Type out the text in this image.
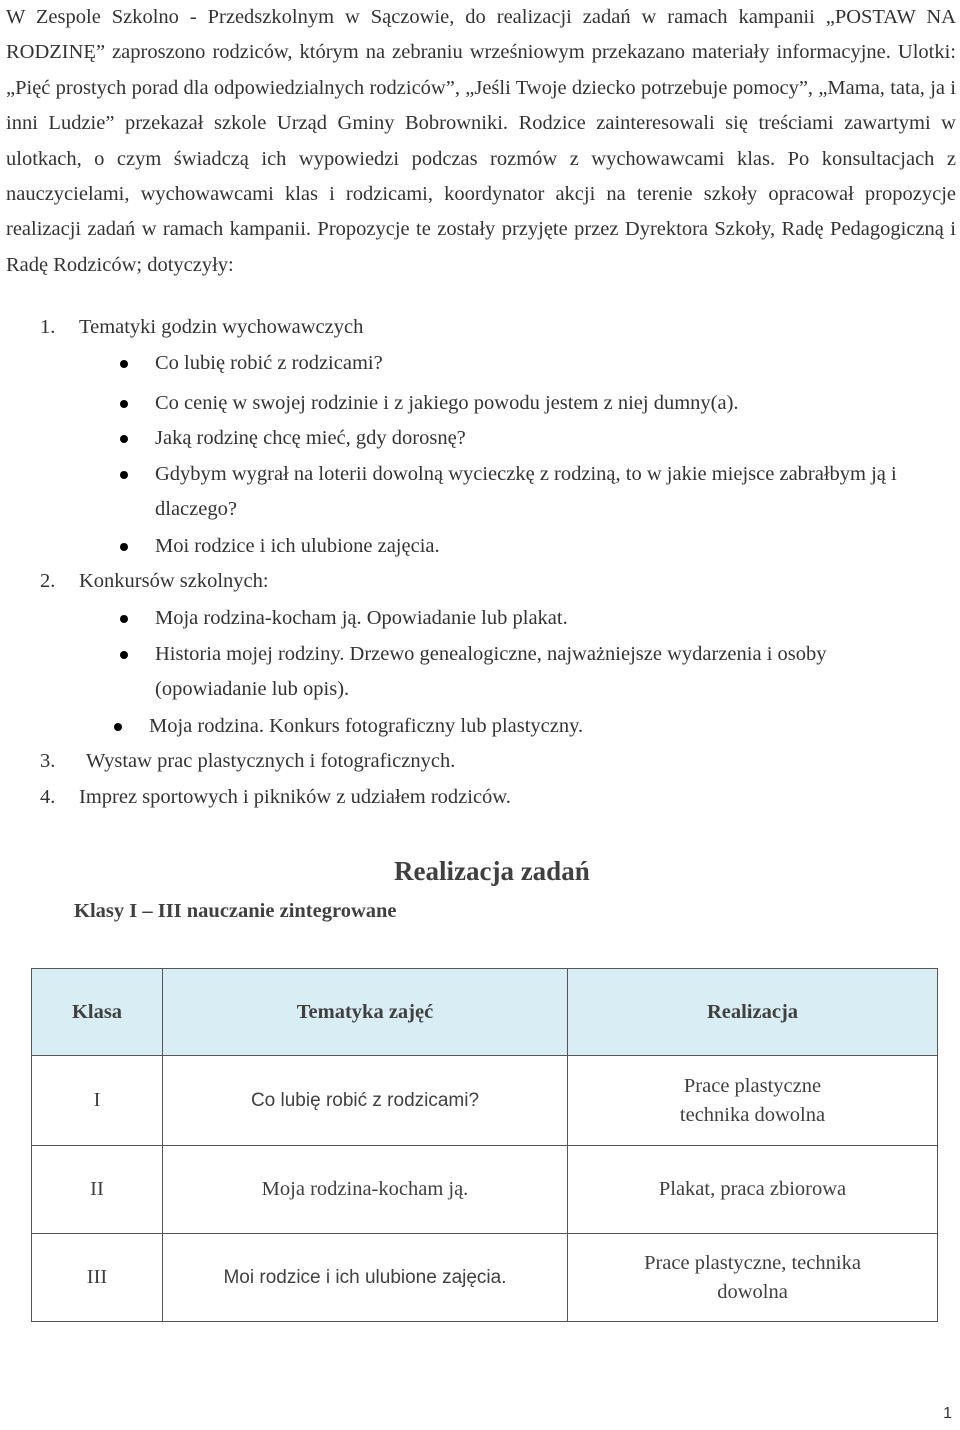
W Zespole Szkolno - Przedszkolnym w Sączowie, do realizacji zadań w ramach kampanii „POSTAW NA RODZINĘ” zaproszono rodziców, którym na zebraniu wrześniowym przekazano materiały informacyjne. Ulotki: „Pięć prostych porad dla odpowiedzialnych rodziców”, „Jeśli Twoje dziecko potrzebuje pomocy”, „Mama, tata, ja i inni Ludzie” przekazał szkole Urząd Gminy Bobrowniki. Rodzice zainteresowali się treściami zawartymi w ulotkach, o czym świadczą ich wypowiedzi podczas rozmów z wychowawcami klas. Po konsultacjach z nauczycielami, wychowawcami klas i rodzicami, koordynator akcji na terenie szkoły opracował propozycje realizacji zadań w ramach kampanii. Propozycje te zostały przyjęte przez Dyrektora Szkoły, Radę Pedagogiczną i Radę Rodziców; dotyczyły:

1. Tematyki godzin wychowawczych
Co lubię robić z rodzicami?
Co cenię w swojej rodzinie i z jakiego powodu jestem z niej dumny(a).
Jaką rodzinę chcę mieć, gdy dorosnę?
Gdybym wygrał na loterii dowolną wycieczkę z rodziną, to w jakie miejsce zabrałbym ją i dlaczego?
Moi rodzice i ich ulubione zajęcia.
2. Konkursów szkolnych:
Moja rodzina-kocham ją. Opowiadanie lub plakat.
Historia mojej rodziny. Drzewo genealogiczne, najważniejsze wydarzenia i osoby (opowiadanie lub opis).
Moja rodzina. Konkurs fotograficzny lub plastyczny.
3. Wystaw prac plastycznych i fotograficznych.
4. Imprez sportowych i pikników z udziałem rodziców.
Realizacja zadań
Klasy I – III nauczanie zintegrowane
Klasa	Tematyka zajęć	Realizacja
I	Co lubię robić z rodzicami?	Prace plastyczne
technika dowolna

II	Moja rodzina-kocham ją.	Plakat, praca zbiorowa

III	Moi rodzice i ich ulubione zajęcia.	Prace plastyczne, technika
dowolna
1
